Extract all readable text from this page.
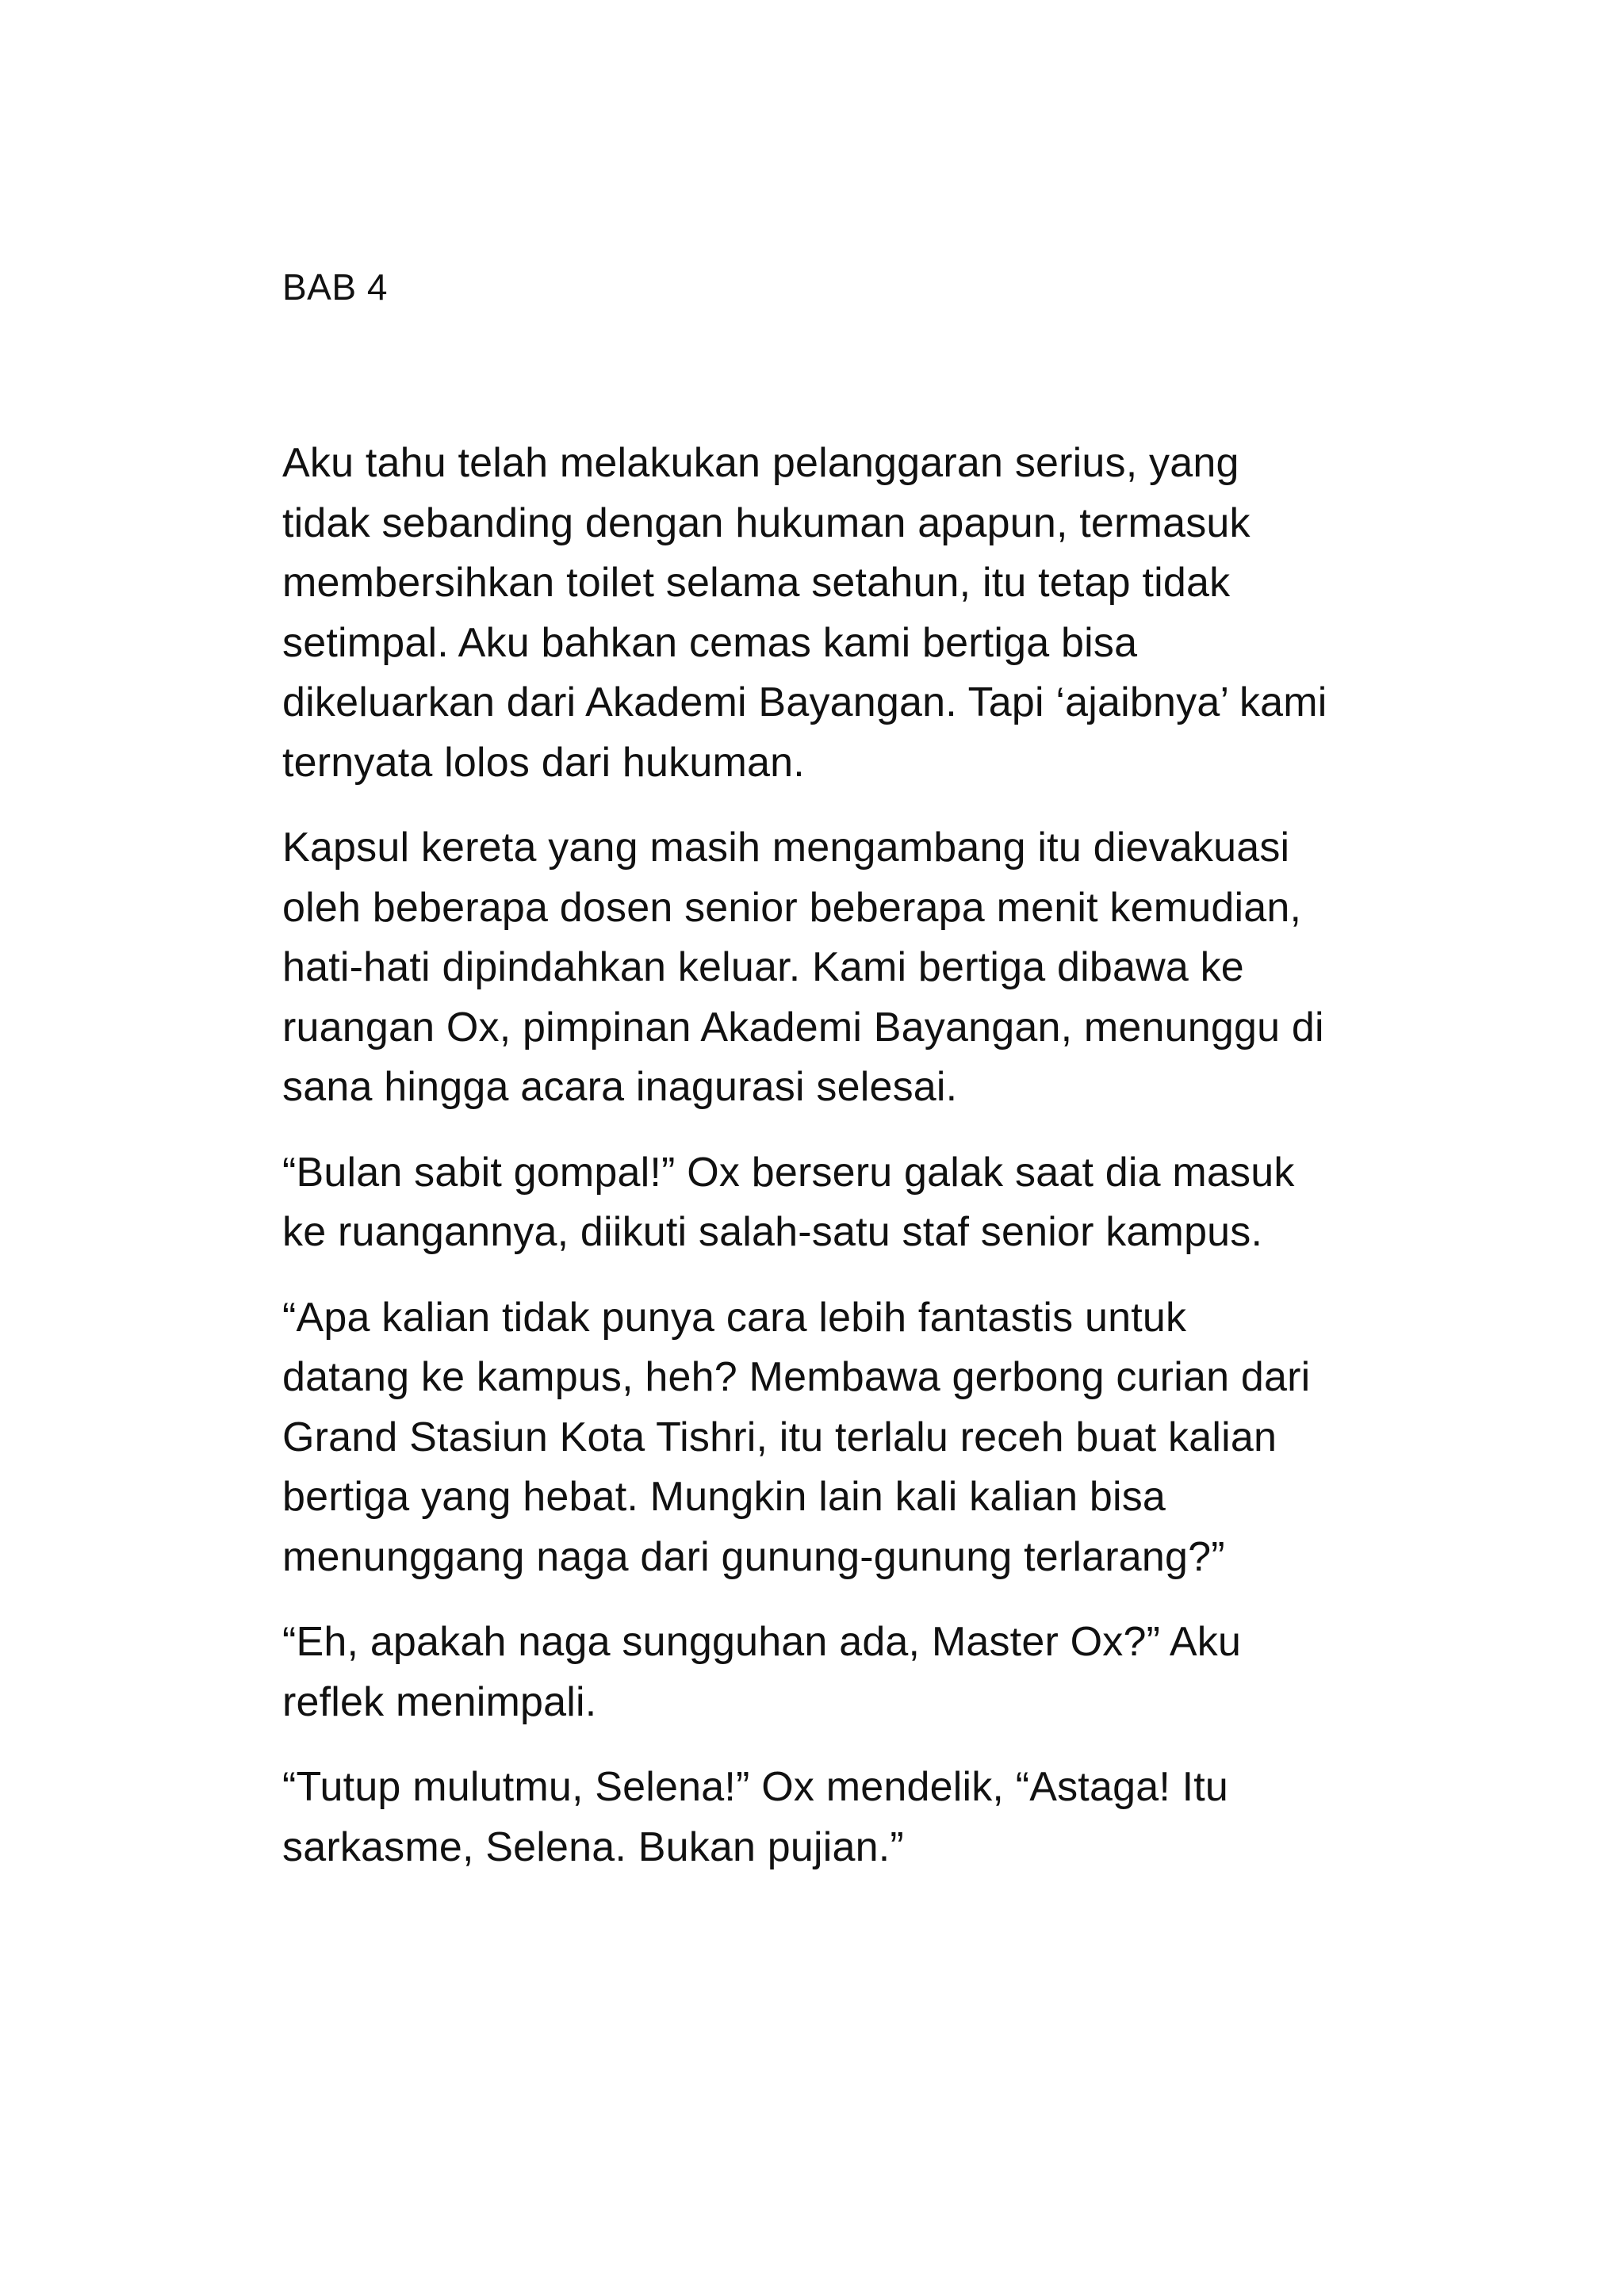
BAB 4

Aku tahu telah melakukan pelanggaran serius, yang
tidak sebanding dengan hukuman apapun, termasuk
membersihkan toilet selama setahun, itu tetap tidak
setimpal. Aku bahkan cemas kami bertiga bisa
dikeluarkan dari Akademi Bayangan. Tapi ‘ajaibnya’ kami
ternyata lolos dari hukuman.

Kapsul kereta yang masih mengambang itu dievakuasi
oleh beberapa dosen senior beberapa menit kemudian,
hati-hati dipindahkan keluar. Kami bertiga dibawa ke
ruangan Ox, pimpinan Akademi Bayangan, menunggu di
sana hingga acara inagurasi selesai.

“Bulan sabit gompal!” Ox berseru galak saat dia masuk
ke ruangannya, diikuti salah-satu staf senior kampus.

“Apa kalian tidak punya cara lebih fantastis untuk
datang ke kampus, heh? Membawa gerbong curian dari
Grand Stasiun Kota Tishri, itu terlalu receh buat kalian
bertiga yang hebat. Mungkin lain kali kalian bisa
menunggang naga dari gunung-gunung terlarang?”

“Eh, apakah naga sungguhan ada, Master Ox?” Aku
reflek menimpali.

“Tutup mulutmu, Selena!” Ox mendelik, “Astaga! Itu
sarkasme, Selena. Bukan pujian.”
